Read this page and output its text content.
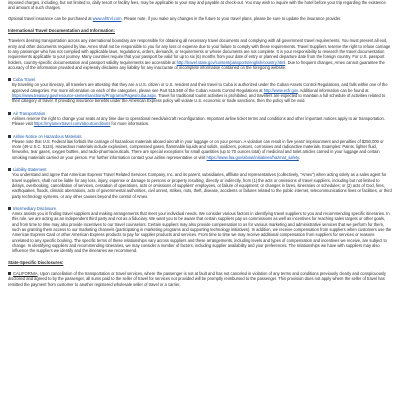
imposed charges, including, but not limited to, daily resort or facility fees, may be applicable to your stay and payable at check-out. You may wish to inquire with the hotel before your trip regarding the existence and amount of such charges.

Optional travel insurance can be purchased at www.afrtrvl.com. Please note, if you make any changes in the future to your travel plans, please be sure to update the insurance provider.

International Travel Documentation and Information:

Travelers desiring transportation across any international boundary are responsible for obtaining all necessary travel documents and complying with all government travel requirements. You must present all exit, entry and other documents required by law. Amex shall not be responsible to you for any loss or expense due to your failure to comply with these requirements. Travel Suppliers reserve the right to refuse carriage to any passenger who has not complied with applicable laws, regulations, orders, demands, or requirements or whose documents are not complete. It is your responsibility to research the travel documentation requirements applicable to your journey. Many countries require that your passport be valid for up to six (6) months from your date of entry or planned departure date from the foreign country. For U.S. passport holders, country-specific documentation and passport validity requirements are accessible at http://travel.state.gov/content/passports/english/country.html. Due to frequent changes, Amex cannot guarantee the accuracy of the information provided and expressly disclaims any liability for any inaccurate or incomplete information contained on the foregoing website.

Cuba Travel

By traveling on your itinerary, all travelers are attesting that they are a U.S. citizen or U.S. resident and their travel to Cuba is authorized under the Cuban Assets Control Regulations, and falls within one of the approved categories. For more information on each of the categories, please see Part 515.560 of the Cuban Assets Control Regulations at http://www.ecfr.gov. Additional information can be found at https://www.treasury.gov/resource-center/sanctions/Programs/Pages/cuba.aspx. Travel for traditional tourist activities is prohibited, and travelers are expected to maintain a full schedule of activities related to their category of travel. If providing insurance benefits under the American Express policy will violate U.S. economic or trade sanctions, then the policy will be void.

Air Transportation

Airlines reserve the right to change your seats at any time due to operational needs/aircraft reconfiguration. Important airline ticket terms and conditions and other important notices apply to air transportation. Please visit https://myamextravel.com/aboutconditions for more information.

Airline Notice on Hazardous Materials

Please note that U.S. Federal law forbids the carriage of hazardous materials aboard aircraft in your luggage or on your person. A violation can result in five years' imprisonment and penalties of $250,000 or more (49 U.S.C. 5124). Hazardous materials include explosives, compressed gases, flammable liquids and solids, oxidizers, poisons, corrosives and radioactive materials. Examples: Paints, lighter fluid, fireworks, tear gases, oxygen bottles, and radio-pharmaceuticals. There are special exceptions for small quantities (up to 70 ounces total) of medicinal and toilet articles carried in your luggage and certain smoking materials carried on your person. For further information contact your airline representative or visit https://www.faa.gov/about/initiatives/hazmat_safety.

Liability Statement

You understand and agree that American Express Travel Related Services Company, Inc. and its parent, subsidiaries, affiliate and representatives (collectively, "Amex") when acting solely as a sales agent for travel suppliers, shall not be liable for any loss, injury, expense or damage to persons or property resulting, directly or indirectly, from (1) the acts or omissions of travel suppliers, including but not limited to delays, overbooking, cancellation of services, cessation of operations, acts or omissions of suppliers' employees, or failure of equipment; or changes in fares, itineraries or schedules; or (2) acts of God, fires, earthquakes, floods, climatic aberrations, acts of governmental authorities, civil unrest, strikes, riots, theft, disease, accidents or failures related to the public internet, telecommunications lines or facilities, or third party technology systems, or any other causes beyond the control of Amex.

Intermediary Disclosure

Amex assists you in finding travel suppliers and making arrangements that meet your individual needs. We consider various factors in identifying travel suppliers to you and recommending specific itineraries. In this role, we are acting as an independent third party and not as a fiduciary. We want you to be aware that certain suppliers pay us commissions as well as incentives for reaching sales targets or other goals, and from time to time may also provide incentives to our travel counselors. Certain suppliers may also provide compensation to us for various marketing and administrative services that we perform for them, such as granting them access to our marketing channels (participating in marketing programs and supporting technology initiatives). In addition, we receive compensation from suppliers when customers use the American Express Card or other American Express products to pay for supplier products and services. From time to time we may receive additional compensation from suppliers for services or reasons unrelated to any specific booking. The specific terms of these relationships vary across suppliers and these arrangements, including levels and types of compensation and incentives we receive, are subject to change. In identifying suppliers and recommending itineraries, we may consider a number of factors, including supplier availability and your preferences. The relationships we have with suppliers may also influence the suppliers we identify and the itineraries we recommend.

State-Specific Disclosures:

CALIFORNIA. Upon cancellation of the transportation or travel services, where the passenger is not at fault and has not canceled in violation of any terms and conditions previously clearly and conspicuously disclosed and agreed to by the passenger, all sums paid to the seller of travel for services not provided will be promptly reimbursed to the passenger. This provision does not apply where the seller of travel has remitted the payment from customer to another registered wholesale seller of travel or a carrier,
